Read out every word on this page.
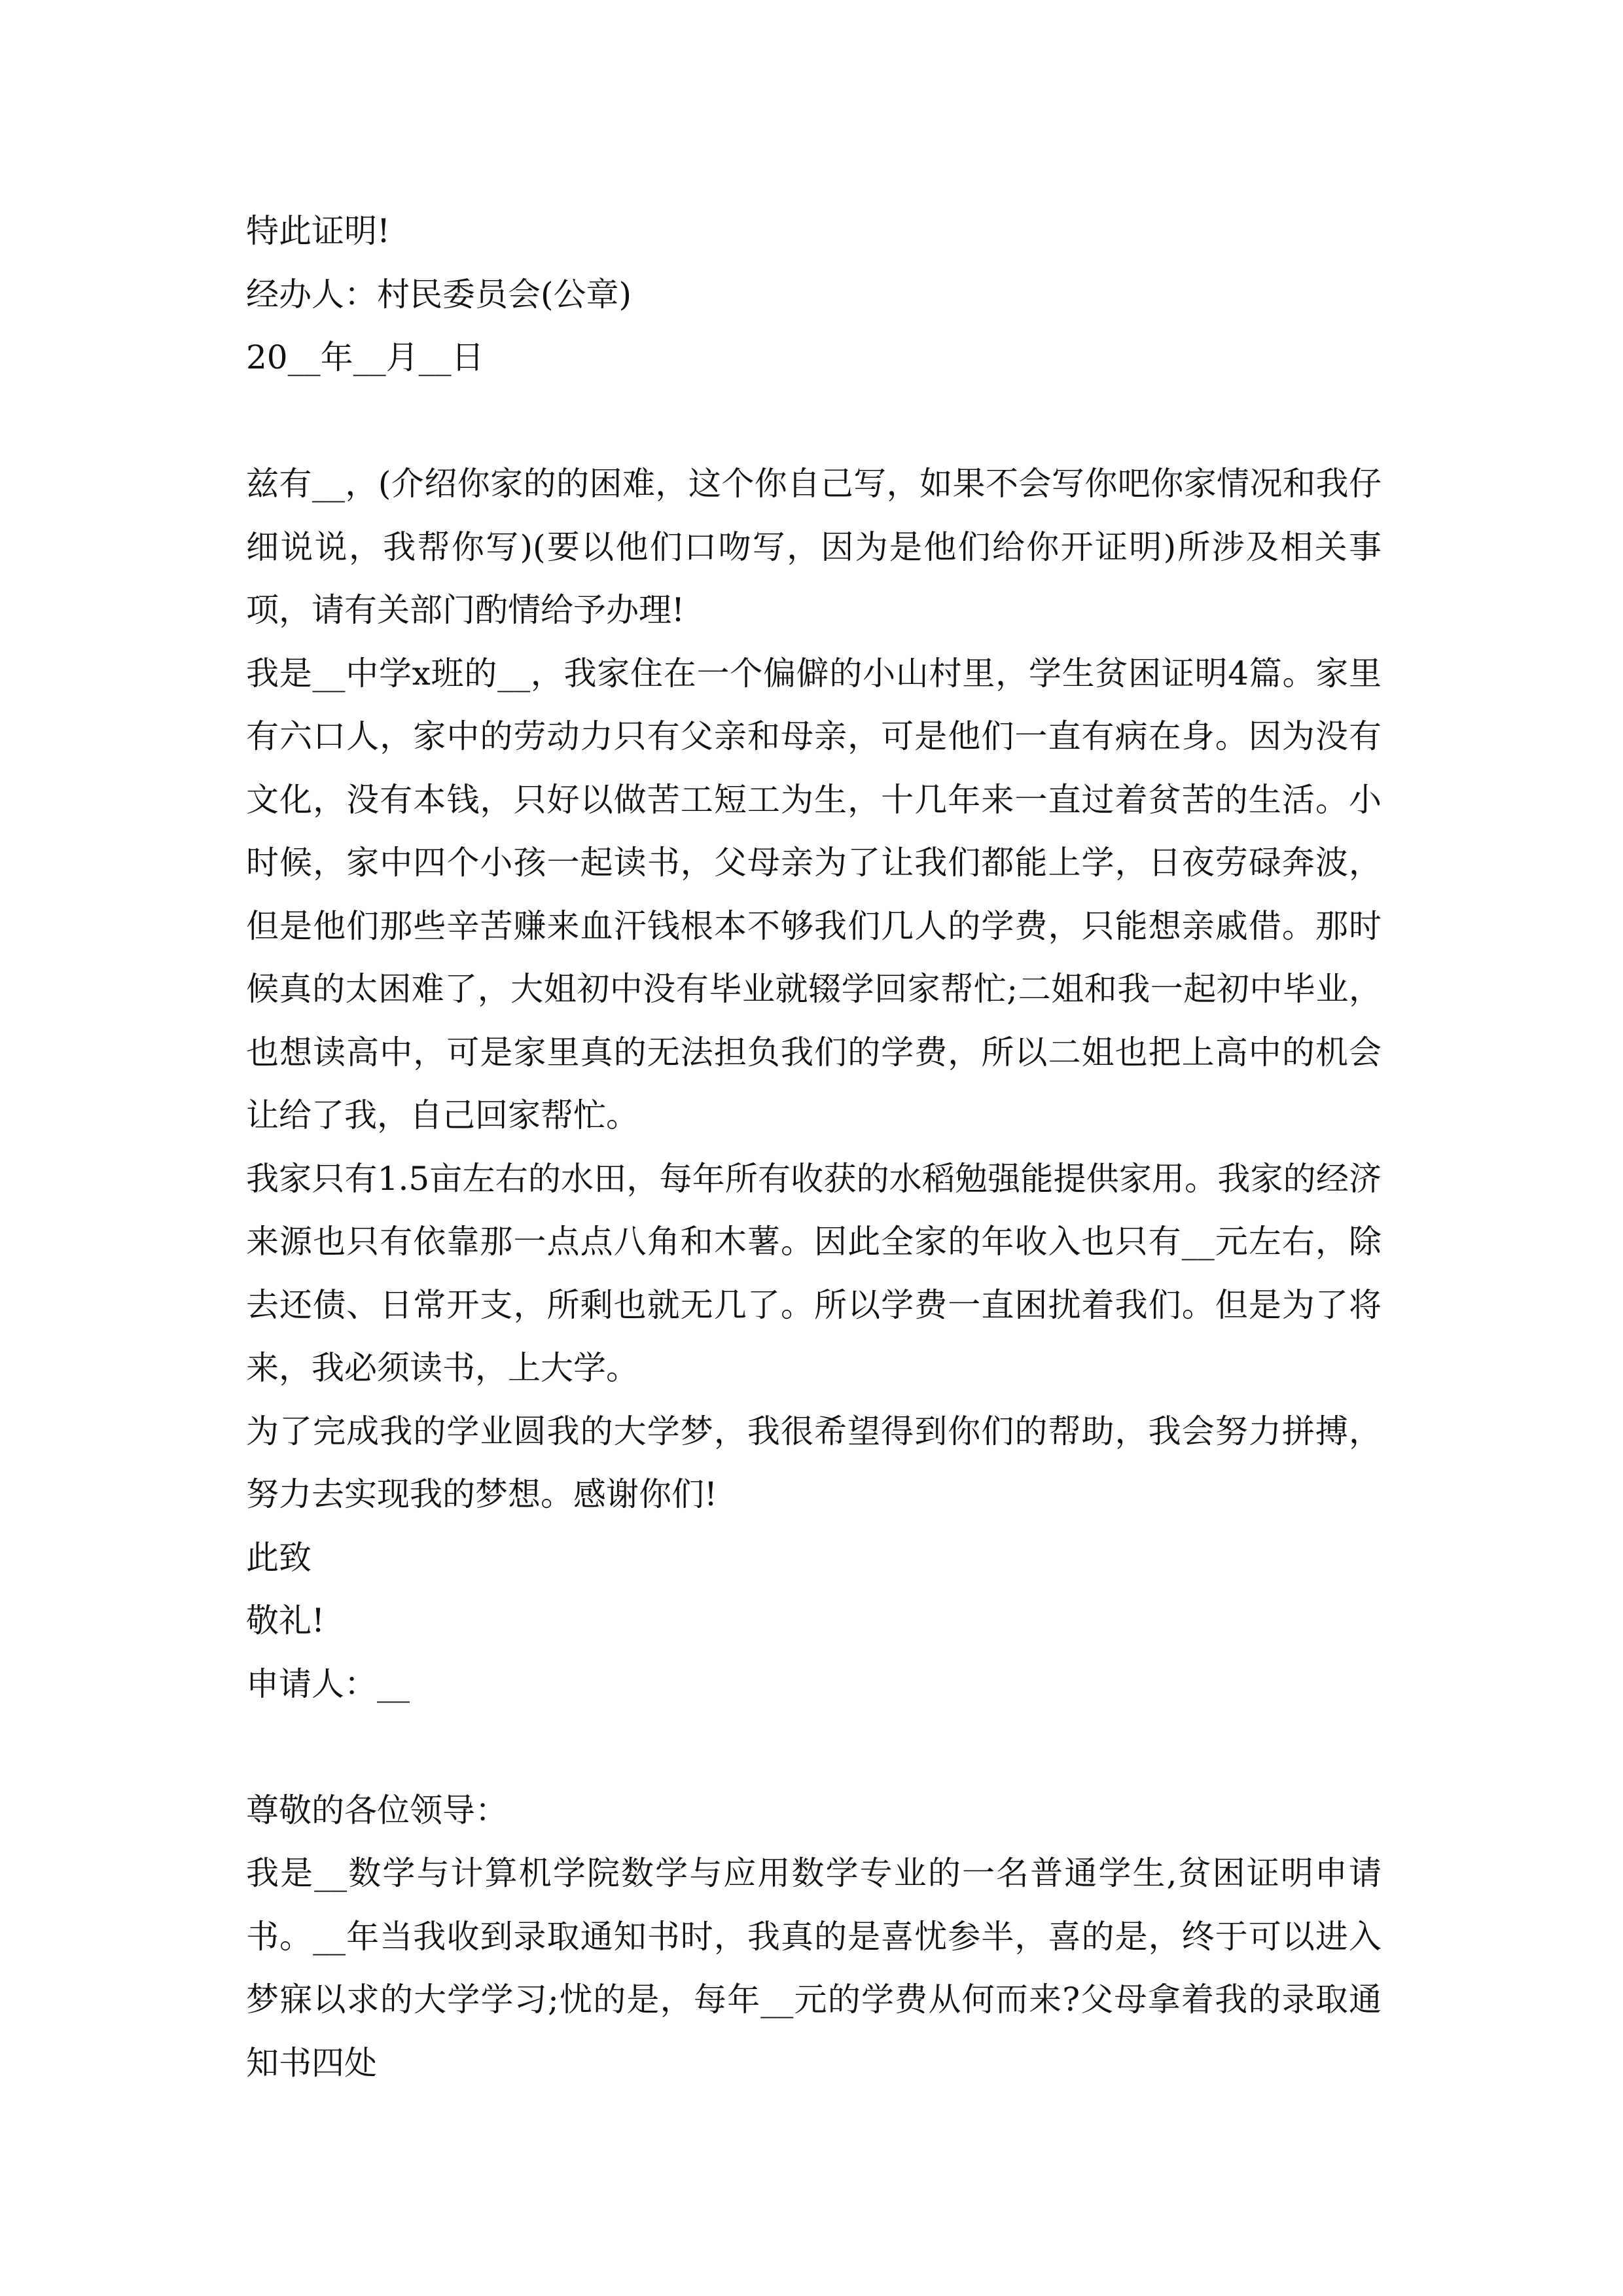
特此证明!
经办人：村民委员会(公章)
20__年__月__日

兹有__，(介绍你家的的困难，这个你自己写，如果不会写你吧你家情况和我仔细说说，我帮你写)(要以他们口吻写，因为是他们给你开证明)所涉及相关事项，请有关部门酌情给予办理!

我是__中学x班的__，我家住在一个偏僻的小山村里，学生贫困证明4篇。家里有六口人，家中的劳动力只有父亲和母亲，可是他们一直有病在身。因为没有文化，没有本钱，只好以做苦工短工为生，十几年来一直过着贫苦的生活。小时候，家中四个小孩一起读书，父母亲为了让我们都能上学，日夜劳碌奔波，但是他们那些辛苦赚来血汗钱根本不够我们几人的学费，只能想亲戚借。那时候真的太困难了，大姐初中没有毕业就辍学回家帮忙;二姐和我一起初中毕业，也想读高中，可是家里真的无法担负我们的学费，所以二姐也把上高中的机会让给了我，自己回家帮忙。

我家只有1.5亩左右的水田，每年所有收获的水稻勉强能提供家用。我家的经济来源也只有依靠那一点点八角和木薯。因此全家的年收入也只有__元左右，除去还债、日常开支，所剩也就无几了。所以学费一直困扰着我们。但是为了将来，我必须读书，上大学。

为了完成我的学业圆我的大学梦，我很希望得到你们的帮助，我会努力拼搏，努力去实现我的梦想。感谢你们!

此致
敬礼!
申请人：__
尊敬的各位领导：

我是__数学与计算机学院数学与应用数学专业的一名普通学生,贫困证明申请书。__年当我收到录取通知书时，我真的是喜忧参半，喜的是，终于可以进入梦寐以求的大学学习;忧的是，每年__元的学费从何而来?父母拿着我的录取通知书四处
